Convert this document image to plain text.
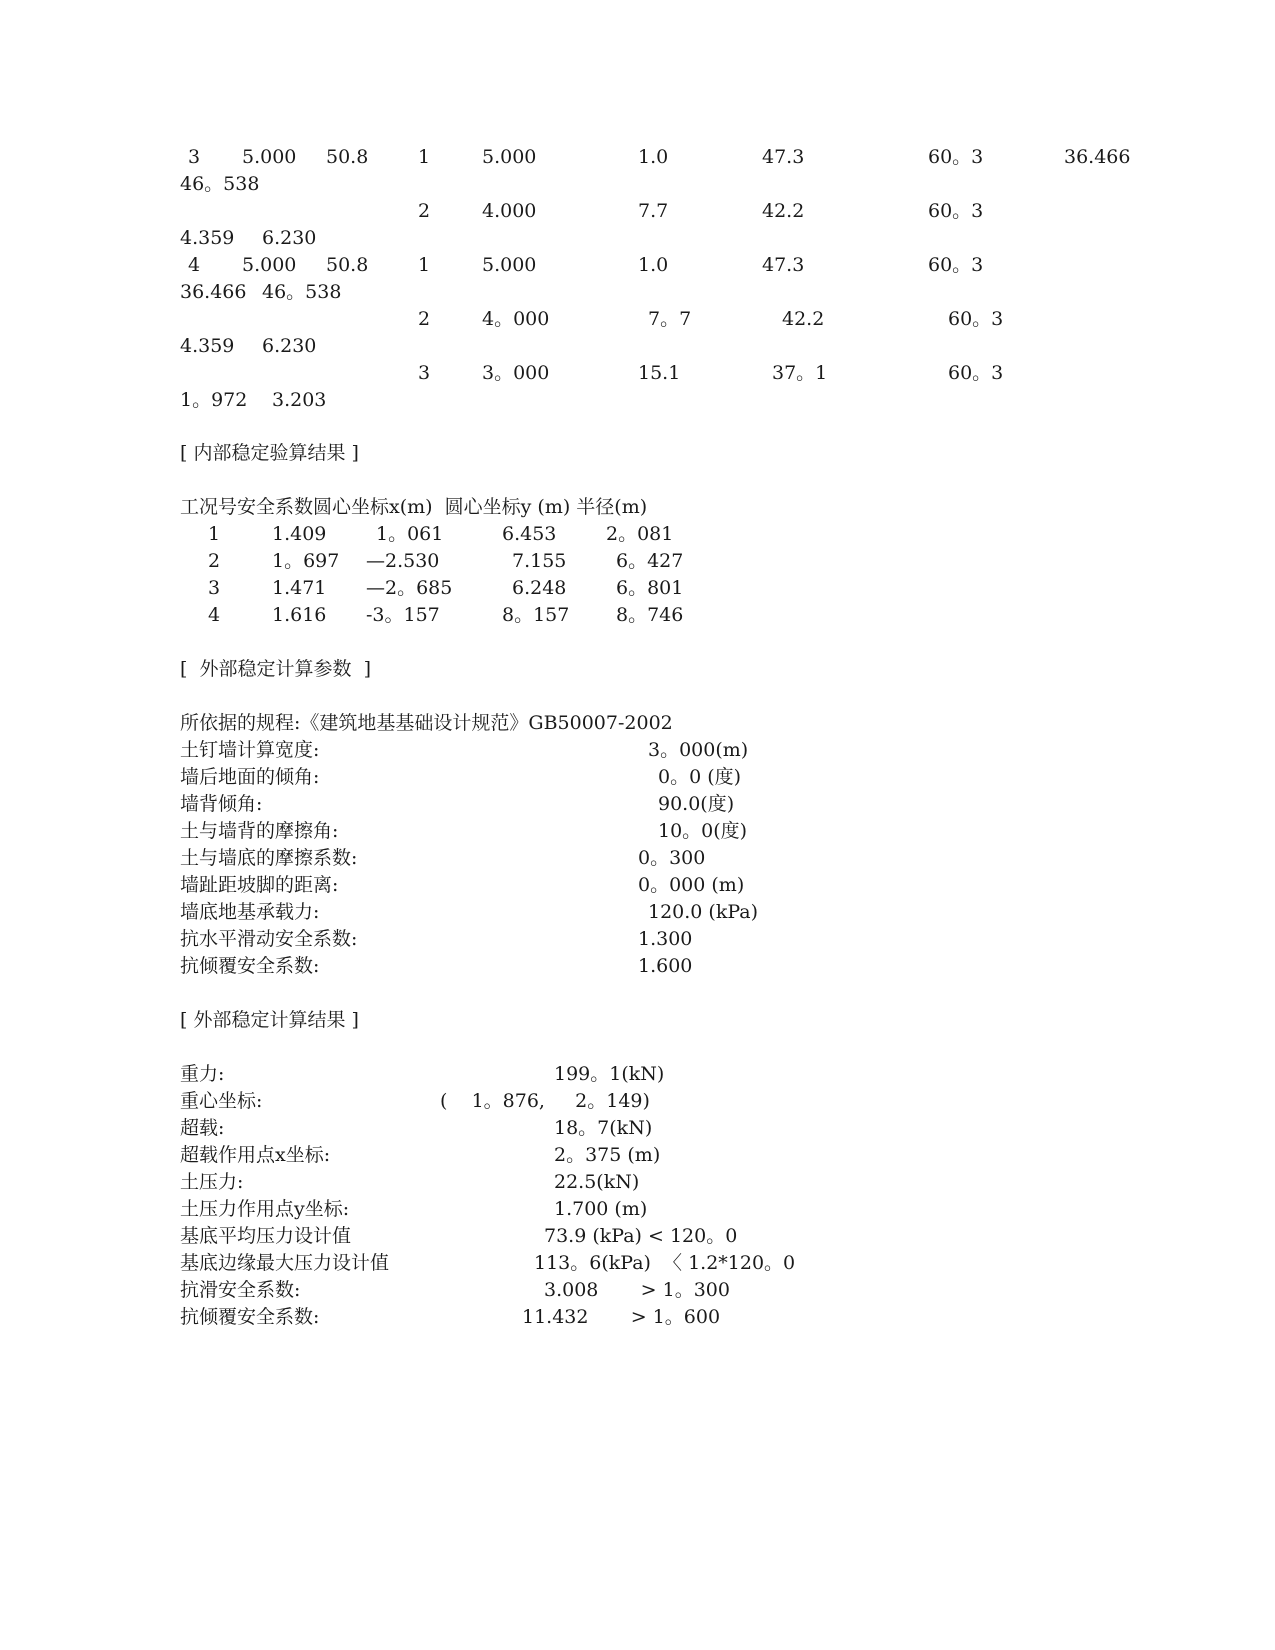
3 5.000 50.8	1	5.000	1.0	47.3	60。3	36.466
46。538
2	4.000	7.7	42.2	60。3
4.359 6.230
4 5.000 50.8	1	5.000	1.0	47.3	60。3
36.466 46。538
2	4。000	7。7	42.2	60。3
4.359 6.230
3	3。000	15.1	37。1	60。3
1。972 3.203
[ 内部稳定验算结果 ]
工况号安全系数圆心坐标x(m)  圆心坐标y (m) 半径(m)
1	1.409	1。061	6.453	2。081
2	1。697 —2.530	7.155	6。427
3	1.471 —2。685	6.248	6。801
4	1.616 -3。157	8。157 8。746
[  外部稳定计算参数  ]
所依据的规程:《建筑地基基础设计规范》GB50007-2002
土钉墙计算宽度:	3。000(m)
墙后地面的倾角:	0。0 (度)
墙背倾角:	90.0(度)
土与墙背的摩擦角:	10。0(度)
土与墙底的摩擦系数:	0。300
墙趾距坡脚的距离:	0。000 (m)
墙底地基承载力:	120.0 (kPa)
抗水平滑动安全系数:	1.300
抗倾覆安全系数:	1.600
[ 外部稳定计算结果 ]
重力:	199。1(kN)
重心坐标:	(    1。876,     2。149)
超载:	18。7(kN)
超载作用点x坐标:	2。375 (m)
土压力:	22.5(kN)
土压力作用点y坐标:	1.700 (m)
基底平均压力设计值	73.9 (kPa) < 120。0
基底边缘最大压力设计值	113。6(kPa)  〈 1.2*120。0
抗滑安全系数:	3.008       > 1。300
抗倾覆安全系数:	11.432       > 1。600
